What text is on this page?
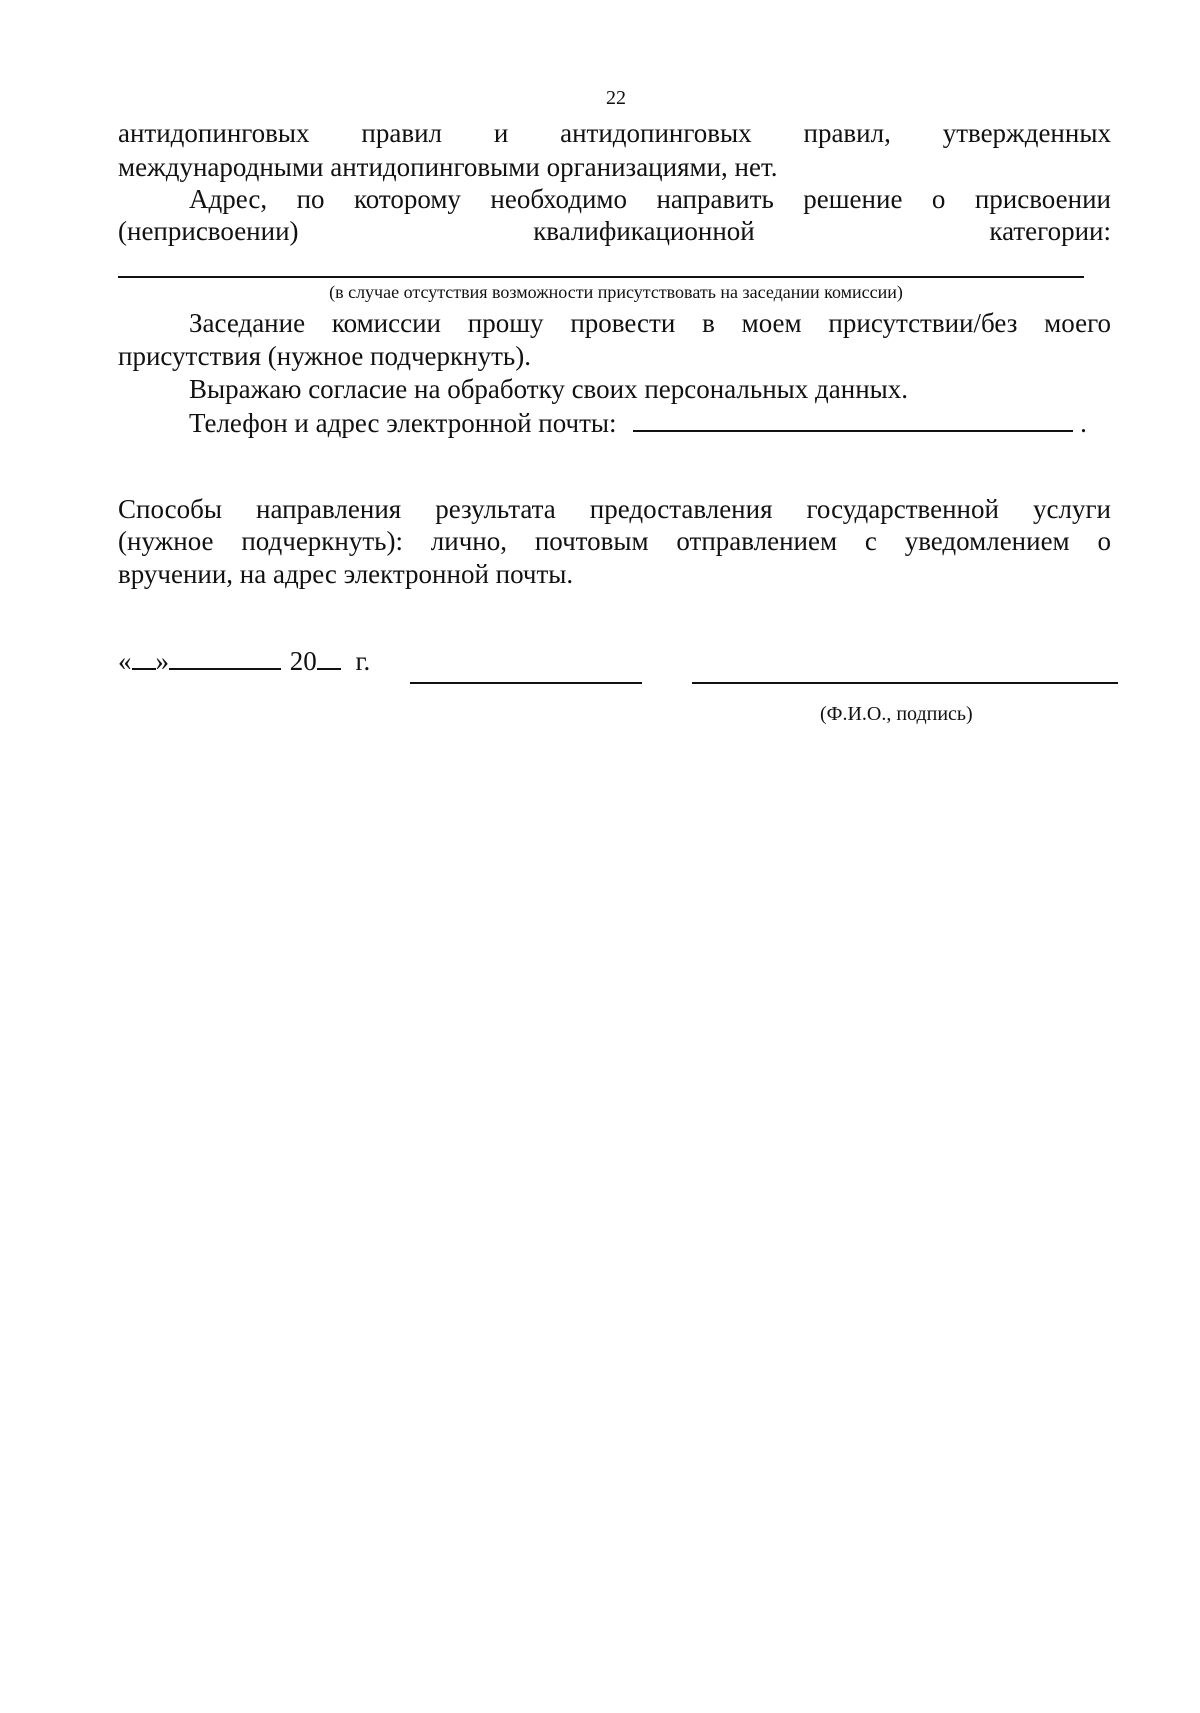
22
антидопинговых правил и антидопинговых правил, утвержденных
международными антидопинговыми организациями, нет.
Адрес, по которому необходимо направить решение о присвоении
(неприсвоении)	квалификационной	категории:
(в случае отсутствия возможности присутствовать на заседании комиссии)
Заседание комиссии прошу провести в моем присутствии/без моего
присутствия (нужное подчеркнуть).
Выражаю согласие на обработку своих персональных данных.
Телефон и адрес электронной почты:	.
Способы направления результата предоставления государственной услуги
(нужное подчеркнуть): лично, почтовым отправлением с уведомлением о
вручении, на адрес электронной почты.
« »	20 г.
(Ф.И.О., подпись)
